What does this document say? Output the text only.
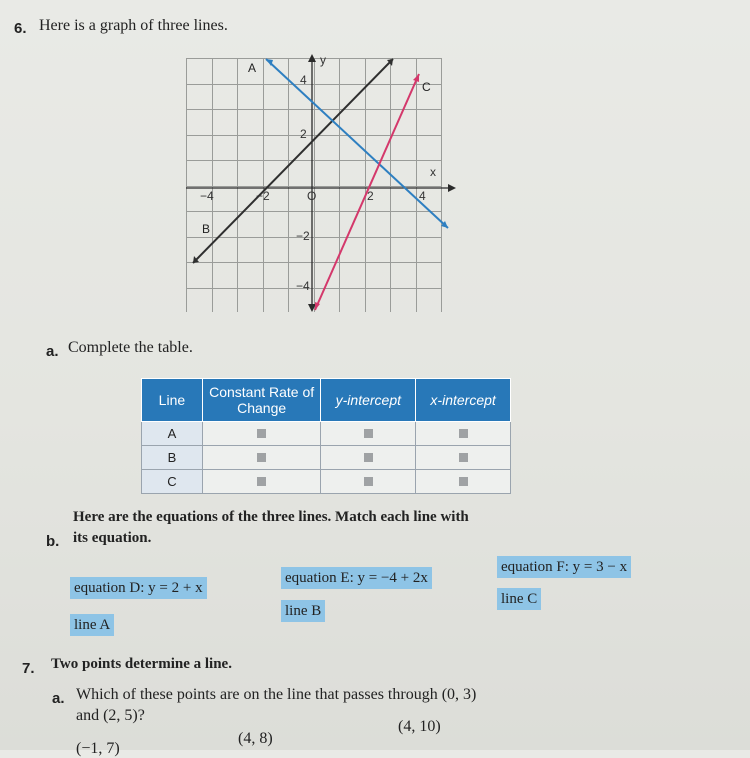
6. Here is a graph of three lines.
x
y
−4	−2	O	2	4
4
2
−2
−4
A
B
C
a. Complete the table.
Line	Constant Rate of Change	y-intercept	x-intercept
A			
B			
C			
b.
Here are the equations of the three lines. Match each line with
its equation.
equation D: y = 2 + x
equation E: y = −4 + 2x
equation F: y = 3 − x
line A
line B
line C
7. Two points determine a line.
a. Which of these points are on the line that passes through (0, 3)
and (2, 5)?
(4, 8)
(4, 10)
(−1, 7)
